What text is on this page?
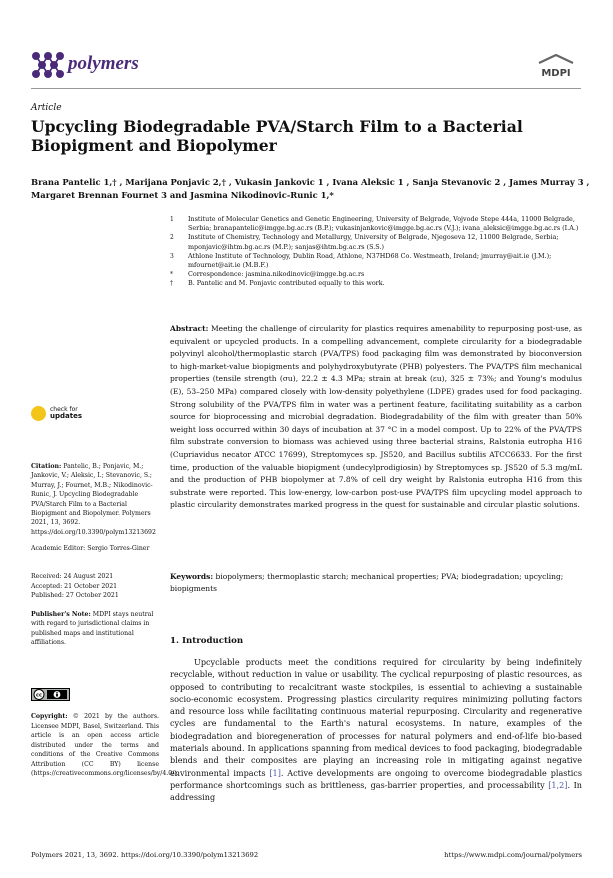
polymers	MDPI
Article
Upcycling Biodegradable PVA/Starch Film to a Bacterial Biopigment and Biopolymer
Brana Pantelic 1,† , Marijana Ponjavic 2,† , Vukasin Jankovic 1 , Ivana Aleksic 1 , Sanja Stevanovic 2 , James Murray 3 , Margaret Brennan Fournet 3 and Jasmina Nikodinovic-Runic 1,*
1 Institute of Molecular Genetics and Genetic Engineering, University of Belgrade, Vojvode Stepe 444a, 11000 Belgrade, Serbia; branapantelic@imgge.bg.ac.rs (B.P.); vukasinjankovic@imgge.bg.ac.rs (V.J.); ivana_aleksic@imgge.bg.ac.rs (I.A.)
2 Institute of Chemistry, Technology and Metallurgy, University of Belgrade, Njegoseva 12, 11000 Belgrade, Serbia; mponjavic@ihtm.bg.ac.rs (M.P.); sanjas@ihtm.bg.ac.rs (S.S.)
3 Athlone Institute of Technology, Dublin Road, Athlone, N37HD68 Co. Westmeath, Ireland; jmurray@ait.ie (J.M.); mfournet@ait.ie (M.B.F.)
* Correspondence: jasmina.nikodinovic@imgge.bg.ac.rs
† B. Pantelic and M. Ponjavic contributed equally to this work.
check for
updates
Citation: Pantelic, B.; Ponjavic, M.; Jankovic, V.; Aleksic, I.; Stevanovic, S.; Murray, J.; Fournet, M.B.; Nikodinovic-Runic, J. Upcycling Biodegradable PVA/Starch Film to a Bacterial Biopigment and Biopolymer. Polymers 2021, 13, 3692. https://doi.org/10.3390/polym13213692
Academic Editor: Sergio Torres-Giner
Received: 24 August 2021
Accepted: 21 October 2021
Published: 27 October 2021
Publisher's Note: MDPI stays neutral with regard to jurisdictional claims in published maps and institutional affiliations.
cc
Copyright: © 2021 by the authors. Licensee MDPI, Basel, Switzerland. This article is an open access article distributed under the terms and conditions of the Creative Commons Attribution (CC BY) license (https://creativecommons.org/licenses/by/4.0/).
Abstract: Meeting the challenge of circularity for plastics requires amenability to repurposing post-use, as equivalent or upcycled products. In a compelling advancement, complete circularity for a biodegradable polyvinyl alcohol/thermoplastic starch (PVA/TPS) food packaging film was demonstrated by bioconversion to high-market-value biopigments and polyhydroxybutyrate (PHB) polyesters. The PVA/TPS film mechanical properties (tensile strength (σu), 22.2 ± 4.3 MPa; strain at break (εu), 325 ± 73%; and Young's modulus (E), 53–250 MPa) compared closely with low-density polyethylene (LDPE) grades used for food packaging. Strong solubility of the PVA/TPS film in water was a pertinent feature, facilitating suitability as a carbon source for bioprocessing and microbial degradation. Biodegradability of the film with greater than 50% weight loss occurred within 30 days of incubation at 37 °C in a model compost. Up to 22% of the PVA/TPS film substrate conversion to biomass was achieved using three bacterial strains, Ralstonia eutropha H16 (Cupriavidus necator ATCC 17699), Streptomyces sp. JS520, and Bacillus subtilis ATCC6633. For the first time, production of the valuable biopigment (undecylprodigiosin) by Streptomyces sp. JS520 of 5.3 mg/mL and the production of PHB biopolymer at 7.8% of cell dry weight by Ralstonia eutropha H16 from this substrate were reported. This low-energy, low-carbon post-use PVA/TPS film upcycling model approach to plastic circularity demonstrates marked progress in the quest for sustainable and circular plastic solutions.
Keywords: biopolymers; thermoplastic starch; mechanical properties; PVA; biodegradation; upcycling; biopigments
1. Introduction
Upcyclable products meet the conditions required for circularity by being indefinitely recyclable, without reduction in value or usability. The cyclical repurposing of plastic resources, as opposed to contributing to recalcitrant waste stockpiles, is essential to achieving a sustainable socio-economic ecosystem. Progressing plastics circularity requires minimizing polluting factors and resource loss while facilitating continuous material repurposing. Circularity and regenerative cycles are fundamental to the Earth's natural ecosystems. In nature, examples of the biodegradation and bioregeneration of processes for natural polymers and end-of-life bio-based materials abound. In applications spanning from medical devices to food packaging, biodegradable blends and their composites are playing an increasing role in mitigating against negative environmental impacts [1]. Active developments are ongoing to overcome biodegradable plastics performance shortcomings such as brittleness, gas-barrier properties, and processability [1,2]. In addressing
Polymers 2021, 13, 3692. https://doi.org/10.3390/polym13213692	https://www.mdpi.com/journal/polymers
